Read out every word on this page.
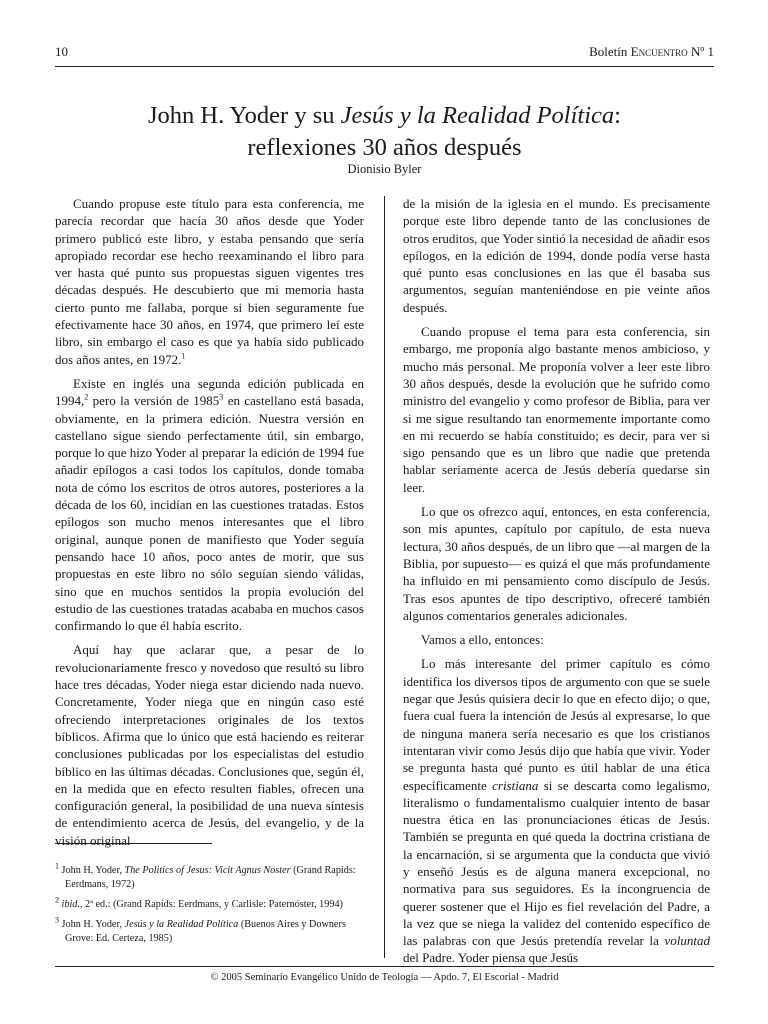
10	Boletín Encuentro Nº 1
John H. Yoder y su Jesús y la Realidad Política:
reflexiones 30 años después
Dionisio Byler

Cuando propuse este título para esta conferencia, me parecía recordar que hacía 30 años desde que Yoder primero publicó este libro, y estaba pensando que sería apropiado recordar ese hecho reexaminando el libro para ver hasta qué punto sus propuestas siguen vigentes tres décadas después. He descubierto que mi memoria hasta cierto punto me fallaba, porque si bien seguramente fue efectivamente hace 30 años, en 1974, que primero leí este libro, sin embargo el caso es que ya había sido publicado dos años antes, en 1972.$^1$

Existe en inglés una segunda edición publicada en 1994,$^2$ pero la versión de 1985$^3$ en castellano está basada, obviamente, en la primera edición. Nuestra versión en castellano sigue siendo perfectamente útil, sin embargo, porque lo que hizo Yoder al preparar la edición de 1994 fue añadir epílogos a casi todos los capítulos, donde tomaba nota de cómo los escritos de otros autores, posteriores a la década de los 60, incidían en las cuestiones tratadas. Estos epílogos son mucho menos interesantes que el libro original, aunque ponen de manifiesto que Yoder seguía pensando hace 10 años, poco antes de morir, que sus propuestas en este libro no sólo seguían siendo válidas, sino que en muchos sentidos la propia evolución del estudio de las cuestiones tratadas acababa en muchos casos confirmando lo que él había escrito.

Aquí hay que aclarar que, a pesar de lo revolucionariamente fresco y novedoso que resultó su libro hace tres décadas, Yoder niega estar diciendo nada nuevo. Concretamente, Yoder niega que en ningún caso esté ofreciendo interpretaciones originales de los textos bíblicos. Afirma que lo único que está haciendo es reiterar conclusiones publicadas por los especialistas del estudio bíblico en las últimas décadas. Conclusiones que, según él, en la medida que en efecto resulten fiables, ofrecen una configuración general, la posibilidad de una nueva síntesis de entendimiento acerca de Jesús, del evangelio, y de la visión original

de la misión de la iglesia en el mundo. Es precisamente porque este libro depende tanto de las conclusiones de otros eruditos, que Yoder sintió la necesidad de añadir esos epílogos, en la edición de 1994, donde podía verse hasta qué punto esas conclusiones en las que él basaba sus argumentos, seguían manteniéndose en pie veinte años después.

Cuando propuse el tema para esta conferencia, sin embargo, me proponía algo bastante menos ambicioso, y mucho más personal. Me proponía volver a leer este libro 30 años después, desde la evolución que he sufrido como ministro del evangelio y como profesor de Biblia, para ver si me sigue resultando tan enormemente importante como en mi recuerdo se había constituido; es decir, para ver si sigo pensando que es un libro que nadie que pretenda hablar seriamente acerca de Jesús debería quedarse sin leer.

Lo que os ofrezco aquí, entonces, en esta conferencia, son mis apuntes, capítulo por capítulo, de esta nueva lectura, 30 años después, de un libro que —al margen de la Biblia, por supuesto— es quizá el que más profundamente ha influido en mi pensamiento como discípulo de Jesús. Tras esos apuntes de tipo descriptivo, ofreceré también algunos comentarios generales adicionales.

Vamos a ello, entonces:

Lo más interesante del primer capítulo es cómo identifica los diversos tipos de argumento con que se suele negar que Jesús quisiera decir lo que en efecto dijo; o que, fuera cual fuera la intención de Jesús al expresarse, lo que de ninguna manera sería necesario es que los cristianos intentaran vivir como Jesús dijo que había que vivir. Yoder se pregunta hasta qué punto es útil hablar de una ética específicamente cristiana si se descarta como legalismo, literalismo o fundamentalismo cualquier intento de basar nuestra ética en las pronunciaciones éticas de Jesús. También se pregunta en qué queda la doctrina cristiana de la encarnación, si se argumenta que la conducta que vivió y enseñó Jesús es de alguna manera excepcional, no normativa para sus seguidores. Es la incongruencia de querer sostener que el Hijo es fiel revelación del Padre, a la vez que se niega la validez del contenido específico de las palabras con que Jesús pretendía revelar la voluntad del Padre. Yoder piensa que Jesús

$^1$ John H. Yoder, The Politics of Jesus: Vicit Agnus Noster (Grand Rapids: Eerdmans, 1972)
$^2$ ibid., 2ª ed.: (Grand Rapids: Eerdmans, y Carlisle: Paternóster, 1994)
$^3$ John H. Yoder, Jesús y la Realidad Política (Buenos Aires y Downers Grove: Ed. Certeza, 1985)
© 2005 Seminario Evangélico Unido de Teología — Apdo. 7, El Escorial - Madrid
